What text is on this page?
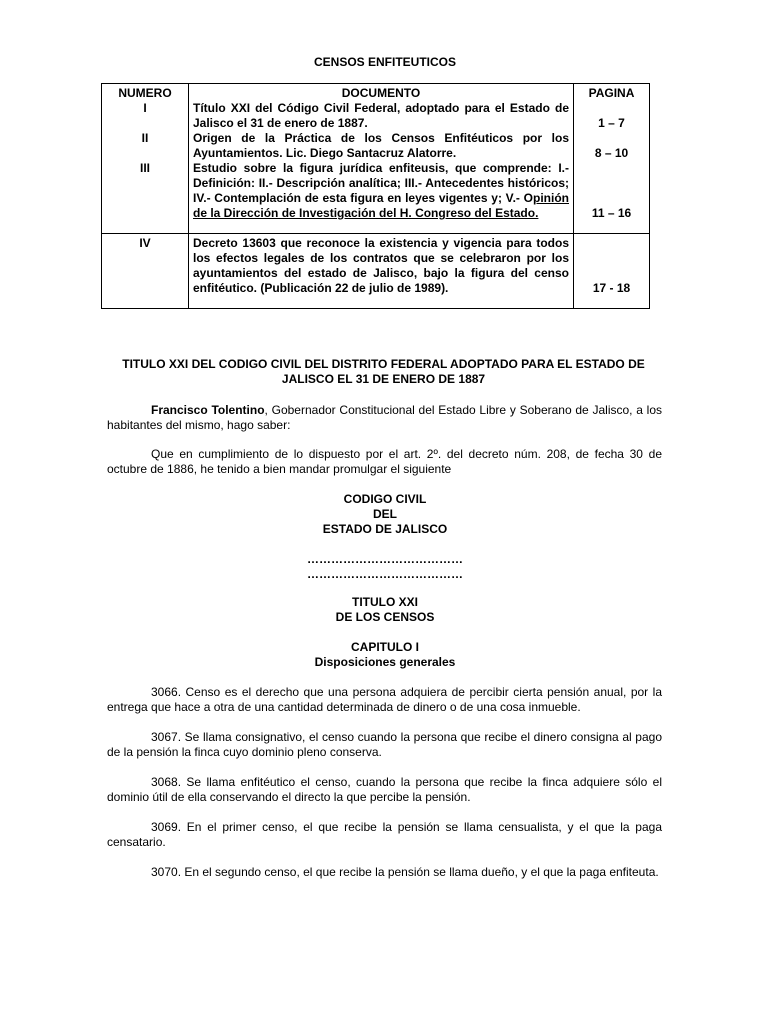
CENSOS ENFITEUTICOS
NUMERO	DOCUMENTO	PAGINA
I	Título XXI del Código Civil Federal, adoptado para el Estado de Jalisco el 31 de enero de 1887.	1 – 7
II	Origen de la Práctica de los Censos Enfitéuticos por los Ayuntamientos. Lic. Diego Santacruz Alatorre.	8 – 10
III	Estudio sobre la figura jurídica enfiteusis, que comprende: I.- Definición: II.- Descripción analítica; III.- Antecedentes históricos; IV.- Contemplación de esta figura en leyes vigentes y; V.- Opinión de la Dirección de Investigación del H. Congreso del Estado.	11 – 16

IV	Decreto 13603 que reconoce la existencia y vigencia para todos los efectos legales de los contratos que se celebraron por los ayuntamientos del estado de Jalisco, bajo la figura del censo enfitéutico. (Publicación 22 de julio de 1989).	17 - 18

TITULO XXI DEL CODIGO CIVIL DEL DISTRITO FEDERAL ADOPTADO PARA EL ESTADO DE JALISCO EL 31 DE ENERO DE 1887
Francisco Tolentino, Gobernador Constitucional del Estado Libre y Soberano de Jalisco, a los habitantes del mismo, hago saber:
Que en cumplimiento de lo dispuesto por el art. 2º. del decreto núm. 208, de fecha 30 de octubre de 1886, he tenido a bien mandar promulgar el siguiente
CODIGO CIVIL
DEL
ESTADO DE JALISCO
…………………………………
…………………………………
TITULO XXI
DE LOS CENSOS
CAPITULO I
Disposiciones generales
3066. Censo es el derecho que una persona adquiera de percibir cierta pensión anual, por la entrega que hace a otra de una cantidad determinada de dinero o de una cosa inmueble.
3067. Se llama consignativo, el censo cuando la persona que recibe el dinero consigna al pago de la pensión la finca cuyo dominio pleno conserva.
3068. Se llama enfitéutico el censo, cuando la persona que recibe la finca adquiere sólo el dominio útil de ella conservando el directo la que percibe la pensión.
3069. En el primer censo, el que recibe la pensión se llama censualista, y el que la paga censatario.
3070. En el segundo censo, el que recibe la pensión se llama dueño, y el que la paga enfiteuta.
